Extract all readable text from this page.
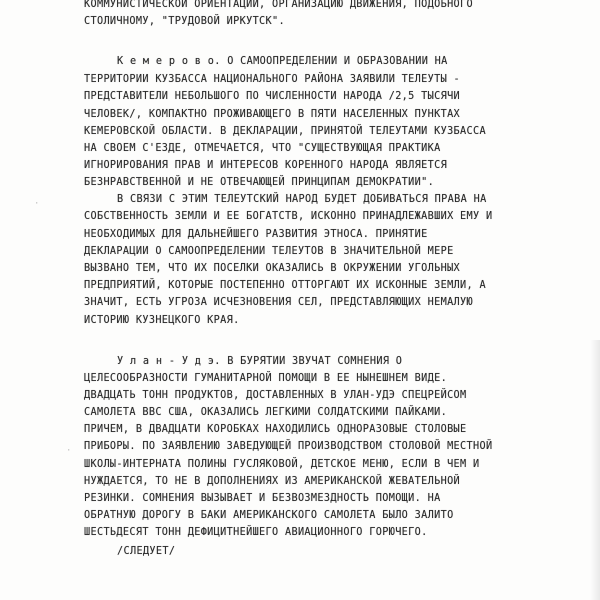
КОММУНИСТИЧЕСКОЙ ОРИЕНТАЦИИ, ОРГАНИЗАЦИЮ ДВИЖЕНИЯ, ПОДОБНОГО
СТОЛИЧНОМУ, "ТРУДОВОЙ ИРКУТСК".
К е м е р о в о. О САМООПРЕДЕЛЕНИИ И ОБРАЗОВАНИИ НА
ТЕРРИТОРИИ КУЗБАССА НАЦИОНАЛЬНОГО РАЙОНА ЗАЯВИЛИ ТЕЛЕУТЫ -
ПРЕДСТАВИТЕЛИ НЕБОЛЬШОГО ПО ЧИСЛЕННОСТИ НАРОДА /2,5 ТЫСЯЧИ
ЧЕЛОВЕК/, КОМПАКТНО ПРОЖИВАЮЩЕГО В ПЯТИ НАСЕЛЕННЫХ ПУНКТАХ
КЕМЕРОВСКОЙ ОБЛАСТИ. В ДЕКЛАРАЦИИ, ПРИНЯТОЙ ТЕЛЕУТАМИ КУЗБАССА
НА СВОЕМ С'ЕЗДЕ, ОТМЕЧАЕТСЯ, ЧТО "СУЩЕСТВУЮЩАЯ ПРАКТИКА
ИГНОРИРОВАНИЯ ПРАВ И ИНТЕРЕСОВ КОРЕННОГО НАРОДА ЯВЛЯЕТСЯ
БЕЗНРАВСТВЕННОЙ И НЕ ОТВЕЧАЮЩЕЙ ПРИНЦИПАМ ДЕМОКРАТИИ".
В СВЯЗИ С ЭТИМ ТЕЛЕУТСКИЙ НАРОД БУДЕТ ДОБИВАТЬСЯ ПРАВА НА
СОБСТВЕННОСТЬ ЗЕМЛИ И ЕЕ БОГАТСТВ, ИСКОННО ПРИНАДЛЕЖАВШИХ ЕМУ И
НЕОБХОДИМЫХ ДЛЯ ДАЛЬНЕЙШЕГО РАЗВИТИЯ ЭТНОСА. ПРИНЯТИЕ
ДЕКЛАРАЦИИ О САМООПРЕДЕЛЕНИИ ТЕЛЕУТОВ В ЗНАЧИТЕЛЬНОЙ МЕРЕ
ВЫЗВАНО ТЕМ, ЧТО ИХ ПОСЕЛКИ ОКАЗАЛИСЬ В ОКРУЖЕНИИ УГОЛЬНЫХ
ПРЕДПРИЯТИЙ, КОТОРЫЕ ПОСТЕПЕННО ОТТОРГАЮТ ИХ ИСКОННЫЕ ЗЕМЛИ, А
ЗНАЧИТ, ЕСТЬ УГРОЗА ИСЧЕЗНОВЕНИЯ СЕЛ, ПРЕДСТАВЛЯЮЩИХ НЕМАЛУЮ
ИСТОРИЮ КУЗНЕЦКОГО КРАЯ.
У л а н - У д э. В БУРЯТИИ ЗВУЧАТ СОМНЕНИЯ О
ЦЕЛЕСООБРАЗНОСТИ ГУМАНИТАРНОЙ ПОМОЩИ В ЕЕ НЫНЕШНЕМ ВИДЕ.
ДВАДЦАТЬ ТОНН ПРОДУКТОВ, ДОСТАВЛЕННЫХ В УЛАН-УДЭ СПЕЦРЕЙСОМ
САМОЛЕТА ВВС США, ОКАЗАЛИСЬ ЛЕГКИМИ СОЛДАТСКИМИ ПАЙКАМИ.
ПРИЧЕМ, В ДВАДЦАТИ КОРОБКАХ НАХОДИЛИСЬ ОДНОРАЗОВЫЕ СТОЛОВЫЕ
ПРИБОРЫ. ПО ЗАЯВЛЕНИЮ ЗАВЕДУЮЩЕЙ ПРОИЗВОДСТВОМ СТОЛОВОЙ МЕСТНОЙ
ШКОЛЫ-ИНТЕРНАТА ПОЛИНЫ ГУСЛЯКОВОЙ, ДЕТСКОЕ МЕНЮ, ЕСЛИ В ЧЕМ И
НУЖДАЕТСЯ, ТО НЕ В ДОПОЛНЕНИЯХ ИЗ АМЕРИКАНСКОЙ ЖЕВАТЕЛЬНОЙ
РЕЗИНКИ. СОМНЕНИЯ ВЫЗЫВАЕТ И БЕЗВОЗМЕЗДНОСТЬ ПОМОЩИ. НА
ОБРАТНУЮ ДОРОГУ В БАКИ АМЕРИКАНСКОГО САМОЛЕТА БЫЛО ЗАЛИТО
ШЕСТЬДЕСЯТ ТОНН ДЕФИЦИТНЕЙШЕГО АВИАЦИОННОГО ГОРЮЧЕГО.
/СЛЕДУЕТ/
·
·
